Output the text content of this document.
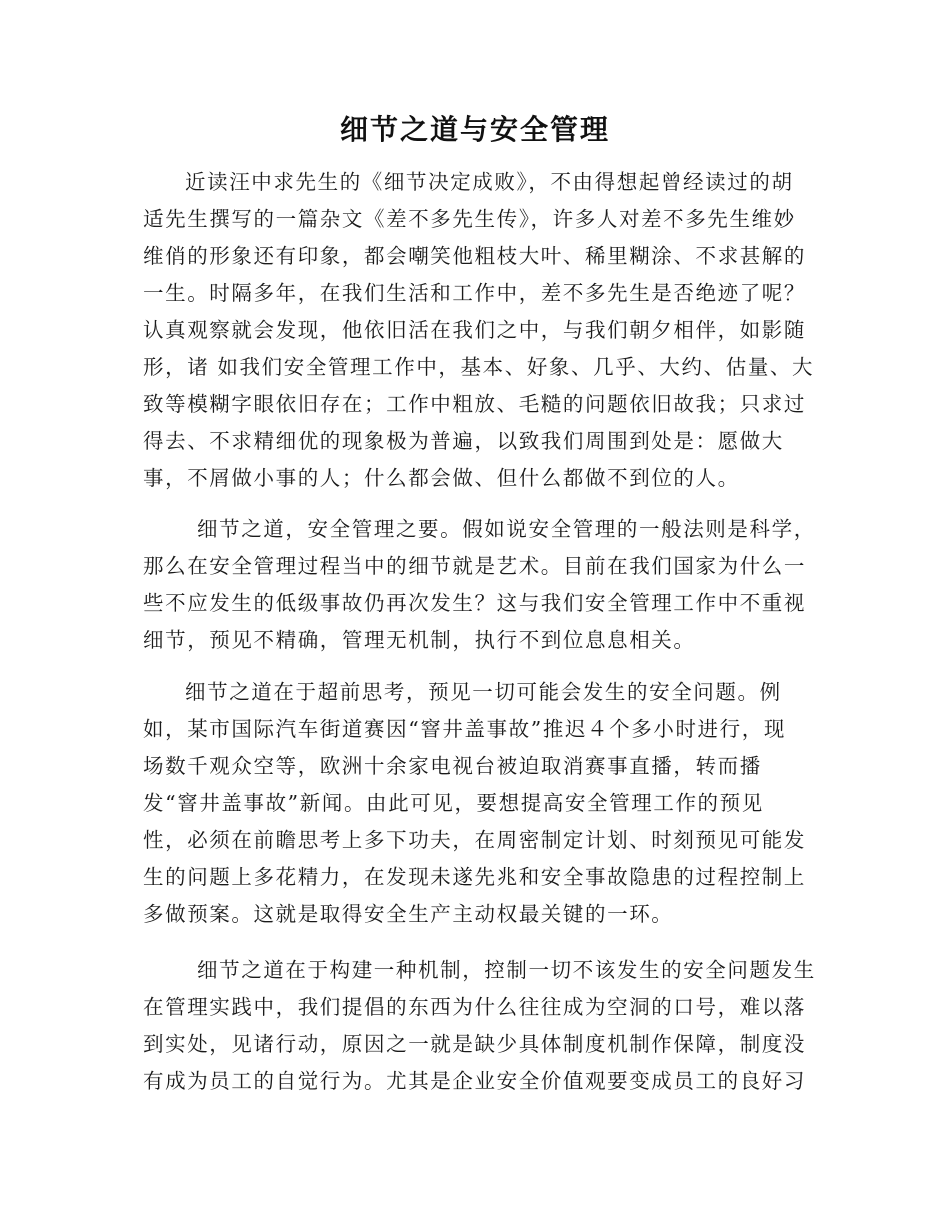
细节之道与安全管理
近读汪中求先生的《细节决定成败》，不由得想起曾经读过的胡
适先生撰写的一篇杂文《差不多先生传》，许多人对差不多先生维妙
维俏的形象还有印象，都会嘲笑他粗枝大叶、稀里糊涂、不求甚解的
一生。时隔多年，在我们生活和工作中，差不多先生是否绝迹了呢？
认真观察就会发现，他依旧活在我们之中，与我们朝夕相伴，如影随
形，诸 如我们安全管理工作中，基本、好象、几乎、大约、估量、大
致等模糊字眼依旧存在；工作中粗放、毛糙的问题依旧故我；只求过
得去、不求精细优的现象极为普遍，以致我们周围到处是：愿做大
事，不屑做小事的人；什么都会做、但什么都做不到位的人。
细节之道，安全管理之要。假如说安全管理的一般法则是科学，
那么在安全管理过程当中的细节就是艺术。目前在我们国家为什么一
些不应发生的低级事故仍再次发生？这与我们安全管理工作中不重视
细节，预见不精确，管理无机制，执行不到位息息相关。
细节之道在于超前思考，预见一切可能会发生的安全问题。例
如，某市国际汽车街道赛因“窨井盖事故”推迟４个多小时进行，现
场数千观众空等，欧洲十余家电视台被迫取消赛事直播，转而播
发“窨井盖事故”新闻。由此可见，要想提高安全管理工作的预见
性，必须在前瞻思考上多下功夫，在周密制定计划、时刻预见可能发
生的问题上多花精力，在发现未遂先兆和安全事故隐患的过程控制上
多做预案。这就是取得安全生产主动权最关键的一环。
细节之道在于构建一种机制，控制一切不该发生的安全问题发生
在管理实践中，我们提倡的东西为什么往往成为空洞的口号，难以落
到实处，见诸行动，原因之一就是缺少具体制度机制作保障，制度没
有成为员工的自觉行为。尤其是企业安全价值观要变成员工的良好习
